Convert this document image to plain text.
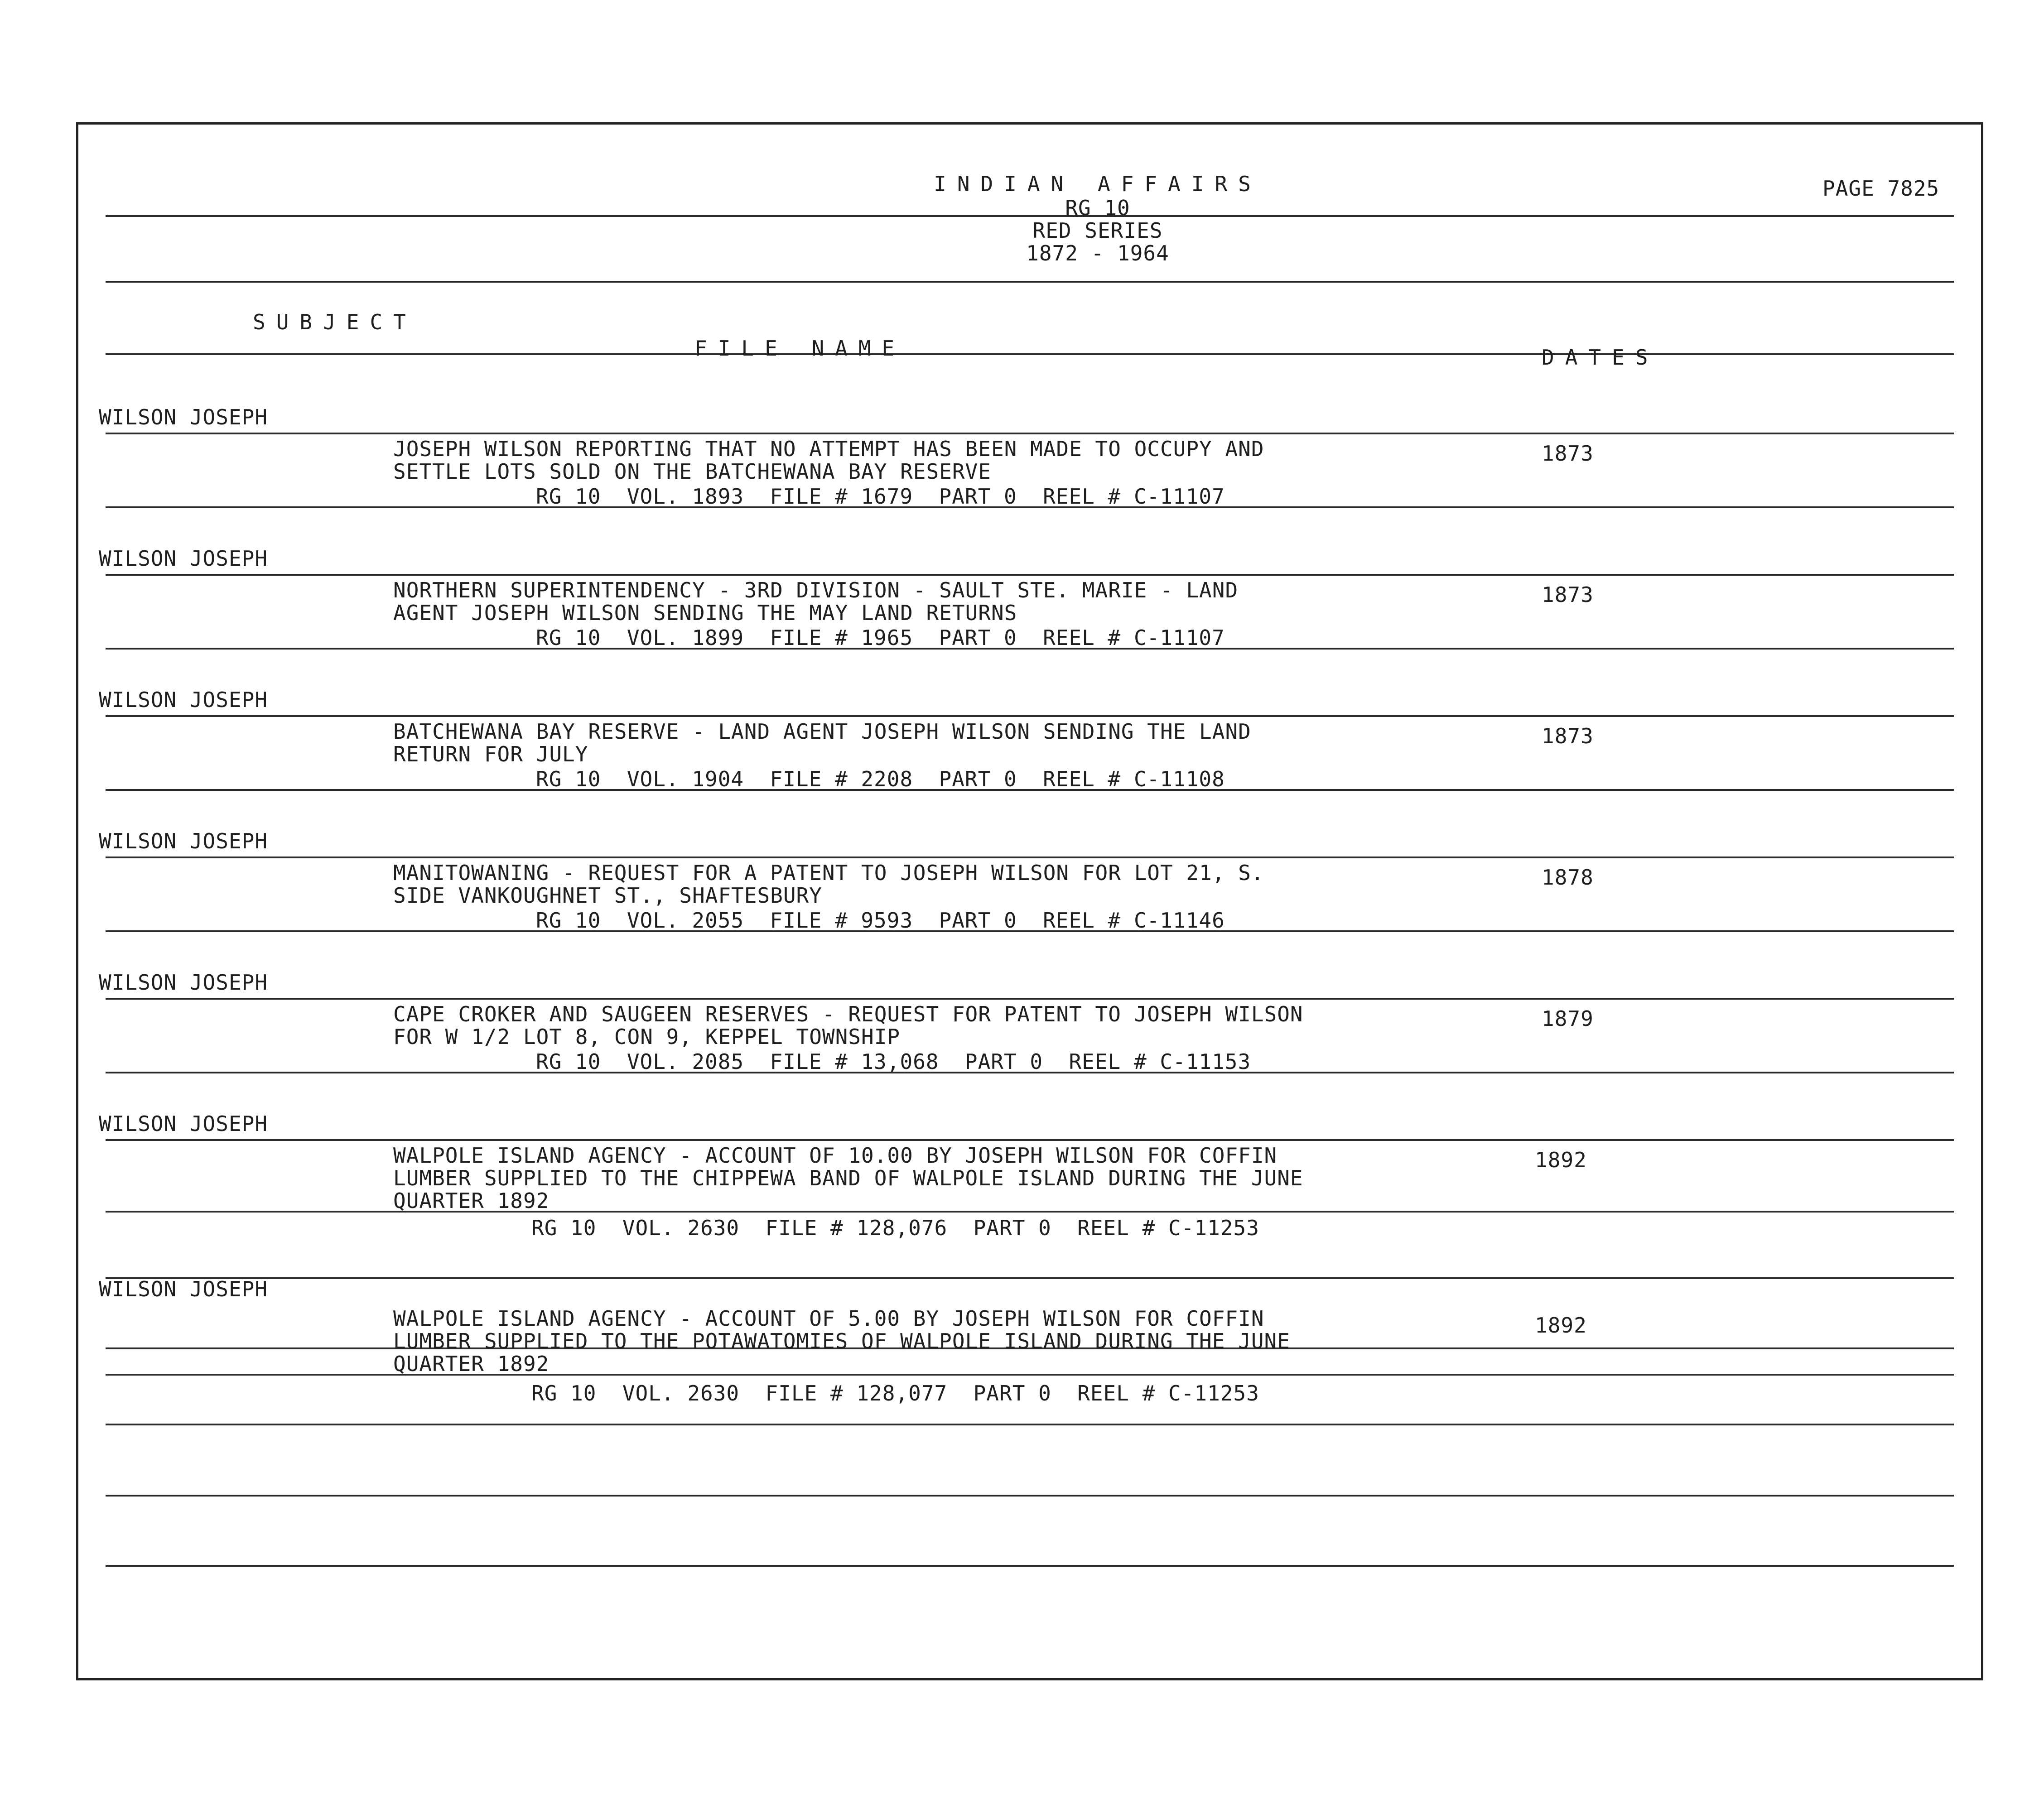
INDIAN AFFAIRS
RG 10
RED SERIES
1872 - 1964
PAGE 7825
SUBJECT
FILE NAME	DATES
WILSON JOSEPH
JOSEPH WILSON REPORTING THAT NO ATTEMPT HAS BEEN MADE TO OCCUPY AND
SETTLE LOTS SOLD ON THE BATCHEWANA BAY RESERVE
RG 10  VOL. 1893  FILE # 1679  PART 0  REEL # C-11107
1873
WILSON JOSEPH
NORTHERN SUPERINTENDENCY - 3RD DIVISION - SAULT STE. MARIE - LAND
AGENT JOSEPH WILSON SENDING THE MAY LAND RETURNS
RG 10  VOL. 1899  FILE # 1965  PART 0  REEL # C-11107
1873
WILSON JOSEPH
BATCHEWANA BAY RESERVE - LAND AGENT JOSEPH WILSON SENDING THE LAND
RETURN FOR JULY
RG 10  VOL. 1904  FILE # 2208  PART 0  REEL # C-11108
1873
WILSON JOSEPH
MANITOWANING - REQUEST FOR A PATENT TO JOSEPH WILSON FOR LOT 21, S.
SIDE VANKOUGHNET ST., SHAFTESBURY
RG 10  VOL. 2055  FILE # 9593  PART 0  REEL # C-11146
1878
WILSON JOSEPH
CAPE CROKER AND SAUGEEN RESERVES - REQUEST FOR PATENT TO JOSEPH WILSON
FOR W 1/2 LOT 8, CON 9, KEPPEL TOWNSHIP
RG 10  VOL. 2085  FILE # 13,068  PART 0  REEL # C-11153
1879
WILSON JOSEPH
WALPOLE ISLAND AGENCY - ACCOUNT OF 10.00 BY JOSEPH WILSON FOR COFFIN
LUMBER SUPPLIED TO THE CHIPPEWA BAND OF WALPOLE ISLAND DURING THE JUNE
QUARTER 1892
RG 10  VOL. 2630  FILE # 128,076  PART 0  REEL # C-11253
1892
WILSON JOSEPH
WALPOLE ISLAND AGENCY - ACCOUNT OF 5.00 BY JOSEPH WILSON FOR COFFIN
LUMBER SUPPLIED TO THE POTAWATOMIES OF WALPOLE ISLAND DURING THE JUNE
QUARTER 1892
RG 10  VOL. 2630  FILE # 128,077  PART 0  REEL # C-11253
1892
